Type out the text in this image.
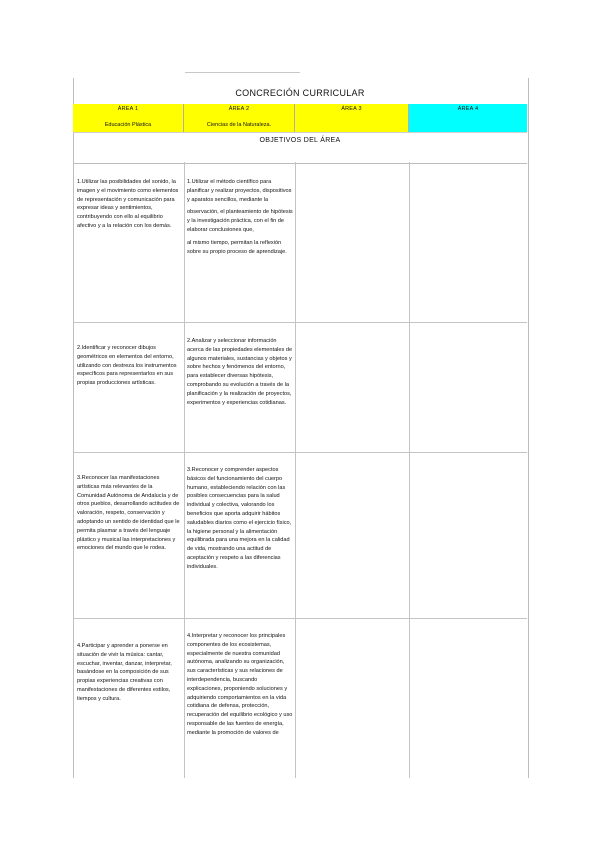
CONCRECIÓN CURRICULAR
ÁREA 1
Educación Plástica
ÁREA 2
Ciencias de la Naturaleza.
ÁREA 3	ÁREA 4
OBJETIVOS DEL ÁREA
1.Utilizar las posibilidades del sonido, la imagen y el movimiento como elementos de representación y comunicación para expresar ideas y sentimientos, contribuyendo con ello al equilibrio afectivo y a la relación con los demás.

1.Utilizar el método científico para planificar y realizar proyectos, dispositivos y aparatos sencillos, mediante la

observación, el planteamiento de hipótesis y la investigación práctica, con el fin de elaborar conclusiones que,

al mismo tiempo, permitan la reflexión sobre su propio proceso de aprendizaje.

2.Identificar y reconocer dibujos geométricos en elementos del entorno, utilizando con destreza los instrumentos específicos para representarlos en sus propias producciones artísticas.
2.Analizar y seleccionar información acerca de las propiedades elementales de algunos materiales, sustancias y objetos y sobre hechos y fenómenos del entorno, para establecer diversas hipótesis, comprobando su evolución a través de la planificación y la realización de proyectos, experimentos y experiencias cotidianas.
3.Reconocer las manifestaciones artísticas más relevantes de la Comunidad Autónoma de Andalucía y de otros pueblos, desarrollando actitudes de valoración, respeto, conservación y adoptando un sentido de identidad que le permita plasmar a través del lenguaje plástico y musical las interpretaciones y emociones del mundo que le rodea.
3.Reconocer y comprender aspectos básicos del funcionamiento del cuerpo humano, estableciendo relación con las posibles consecuencias para la salud individual y colectiva, valorando los beneficios que aporta adquirir hábitos saludables diarios como el ejercicio físico, la higiene personal y la alimentación equilibrada para una mejora en la calidad de vida, mostrando una actitud de aceptación y respeto a las diferencias individuales.
4.Participar y aprender a ponerse en situación de vivir la música: cantar, escuchar, inventar, danzar, interpretar, basándose en la composición de sus propias experiencias creativas con manifestaciones de diferentes estilos, tiempos y cultura.
4.Interpretar y reconocer los principales componentes de los ecosistemas, especialmente de nuestra comunidad autónoma, analizando su organización, sus características y sus relaciones de interdependencia, buscando explicaciones, proponiendo soluciones y adquiriendo comportamientos en la vida cotidiana de defensa, protección, recuperación del equilibrio ecológico y uso responsable de las fuentes de energía, mediante la promoción de valores de
